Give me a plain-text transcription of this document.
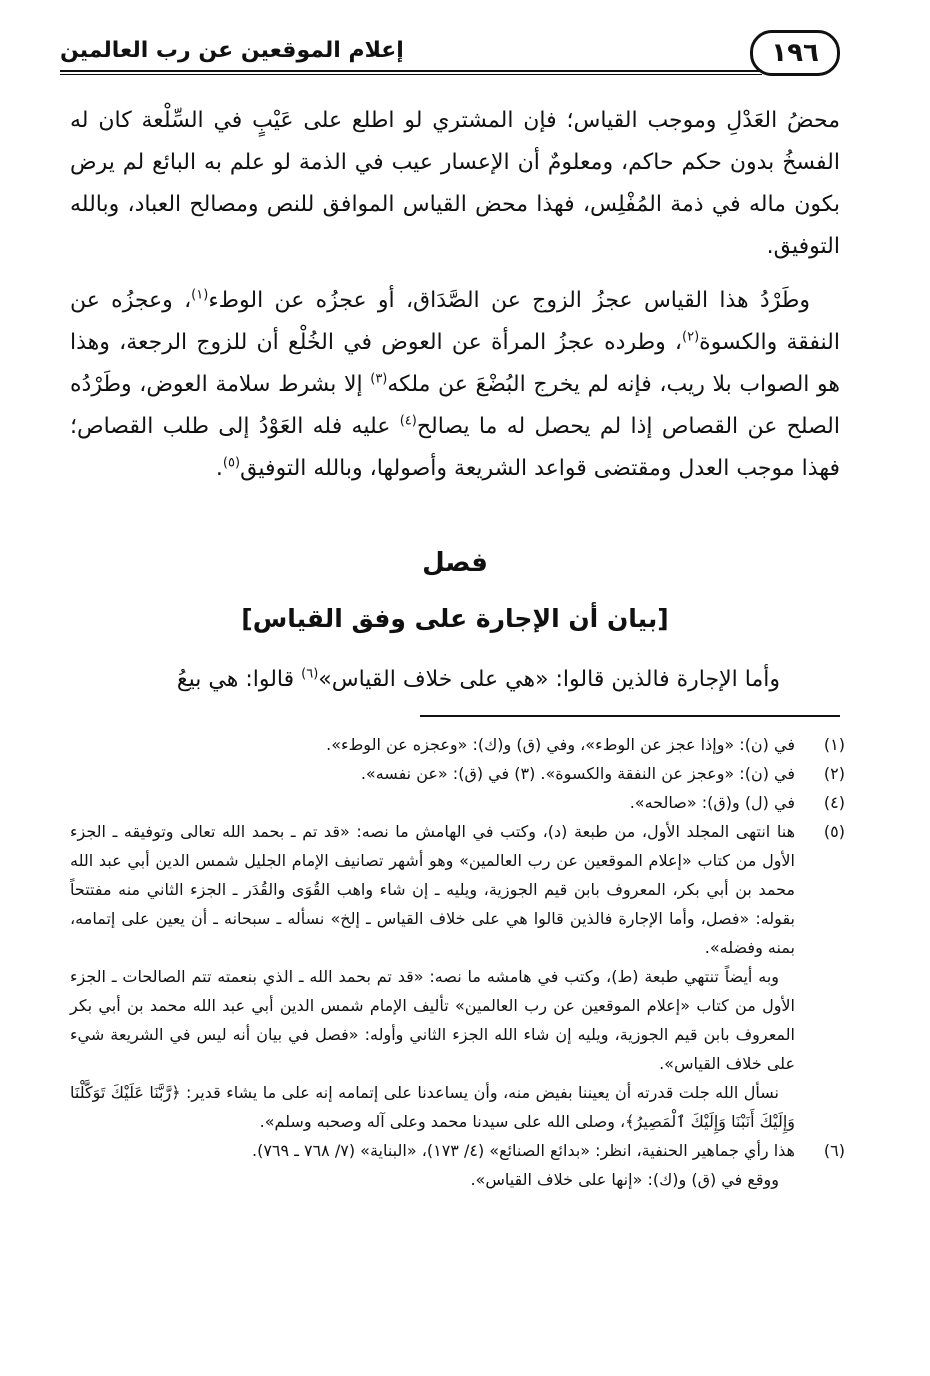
١٩٦
إعلام الموقعين عن رب العالمين

محضُ العَدْلِ وموجب القياس؛ فإن المشتري لو اطلع على عَيْبٍ في السِّلْعة كان له الفسخُ بدون حكم حاكم، ومعلومٌ أن الإعسار عيب في الذمة لو علم به البائع لم يرض بكون ماله في ذمة المُفْلِس، فهذا محض القياس الموافق للنص ومصالح العباد، وبالله التوفيق.

وطَرْدُ هذا القياس عجزُ الزوج عن الصَّدَاق، أو عجزُه عن الوطء$^{(١)}$، وعجزُه عن النفقة والكسوة$^{(٢)}$، وطرده عجزُ المرأة عن العوض في الخُلْع أن للزوج الرجعة، وهذا هو الصواب بلا ريب، فإنه لم يخرج البُضْعَ عن ملكه$^{(٣)}$ إلا بشرط سلامة العوض، وطَرْدُه الصلح عن القصاص إذا لم يحصل له ما يصالح$^{(٤)}$ عليه فله العَوْدُ إلى طلب القصاص؛ فهذا موجب العدل ومقتضى قواعد الشريعة وأصولها، وبالله التوفيق$^{(٥)}$.

فصل
[بيان أن الإجارة على وفق القياس]
وأما الإجارة فالذين قالوا: «هي على خلاف القياس»$^{(٦)}$ قالوا: هي بيعُ
(١)

في (ن): «وإذا عجز عن الوطء»، وفي (ق) و(ك): «وعجزه عن الوطء».

(٢)

في (ن): «وعجز عن النفقة والكسوة». (٣) في (ق): «عن نفسه».

(٤)

في (ل) و(ق): «صالحه».

(٥)

هنا انتهى المجلد الأول، من طبعة (د)، وكتب في الهامش ما نصه: «قد تم ـ بحمد الله تعالى وتوفيقه ـ الجزء الأول من كتاب «إعلام الموقعين عن رب العالمين» وهو أشهر تصانيف الإمام الجليل شمس الدين أبي عبد الله محمد بن أبي بكر، المعروف بابن قيم الجوزية، ويليه ـ إن شاء واهب القُوَى والقُدَر ـ الجزء الثاني منه مفتتحاً بقوله: «فصل، وأما الإجارة فالذين قالوا هي على خلاف القياس ـ إلخ» نسأله ـ سبحانه ـ أن يعين على إتمامه، بمنه وفضله».

وبه أيضاً تنتهي طبعة (ط)، وكتب في هامشه ما نصه: «قد تم بحمد الله ـ الذي بنعمته تتم الصالحات ـ الجزء الأول من كتاب «إعلام الموقعين عن رب العالمين» تأليف الإمام شمس الدين أبي عبد الله محمد بن أبي بكر المعروف بابن قيم الجوزية، ويليه إن شاء الله الجزء الثاني وأوله: «فصل في بيان أنه ليس في الشريعة شيء على خلاف القياس».

نسأل الله جلت قدرته أن يعيننا بفيض منه، وأن يساعدنا على إتمامه إنه على ما يشاء قدير: ﴿رَّبَّنَا عَلَيْكَ تَوَكَّلْنَا وَإِلَيْكَ أَنَبْنَا وَإِلَيْكَ ٱلْمَصِيرُ﴾، وصلى الله على سيدنا محمد وعلى آله وصحبه وسلم».

(٦)

هذا رأي جماهير الحنفية، انظر: «بدائع الصنائع» (٤/ ١٧٣)، «البناية» (٧/ ٧٦٨ ـ ٧٦٩).

ووقع في (ق) و(ك): «إنها على خلاف القياس».
